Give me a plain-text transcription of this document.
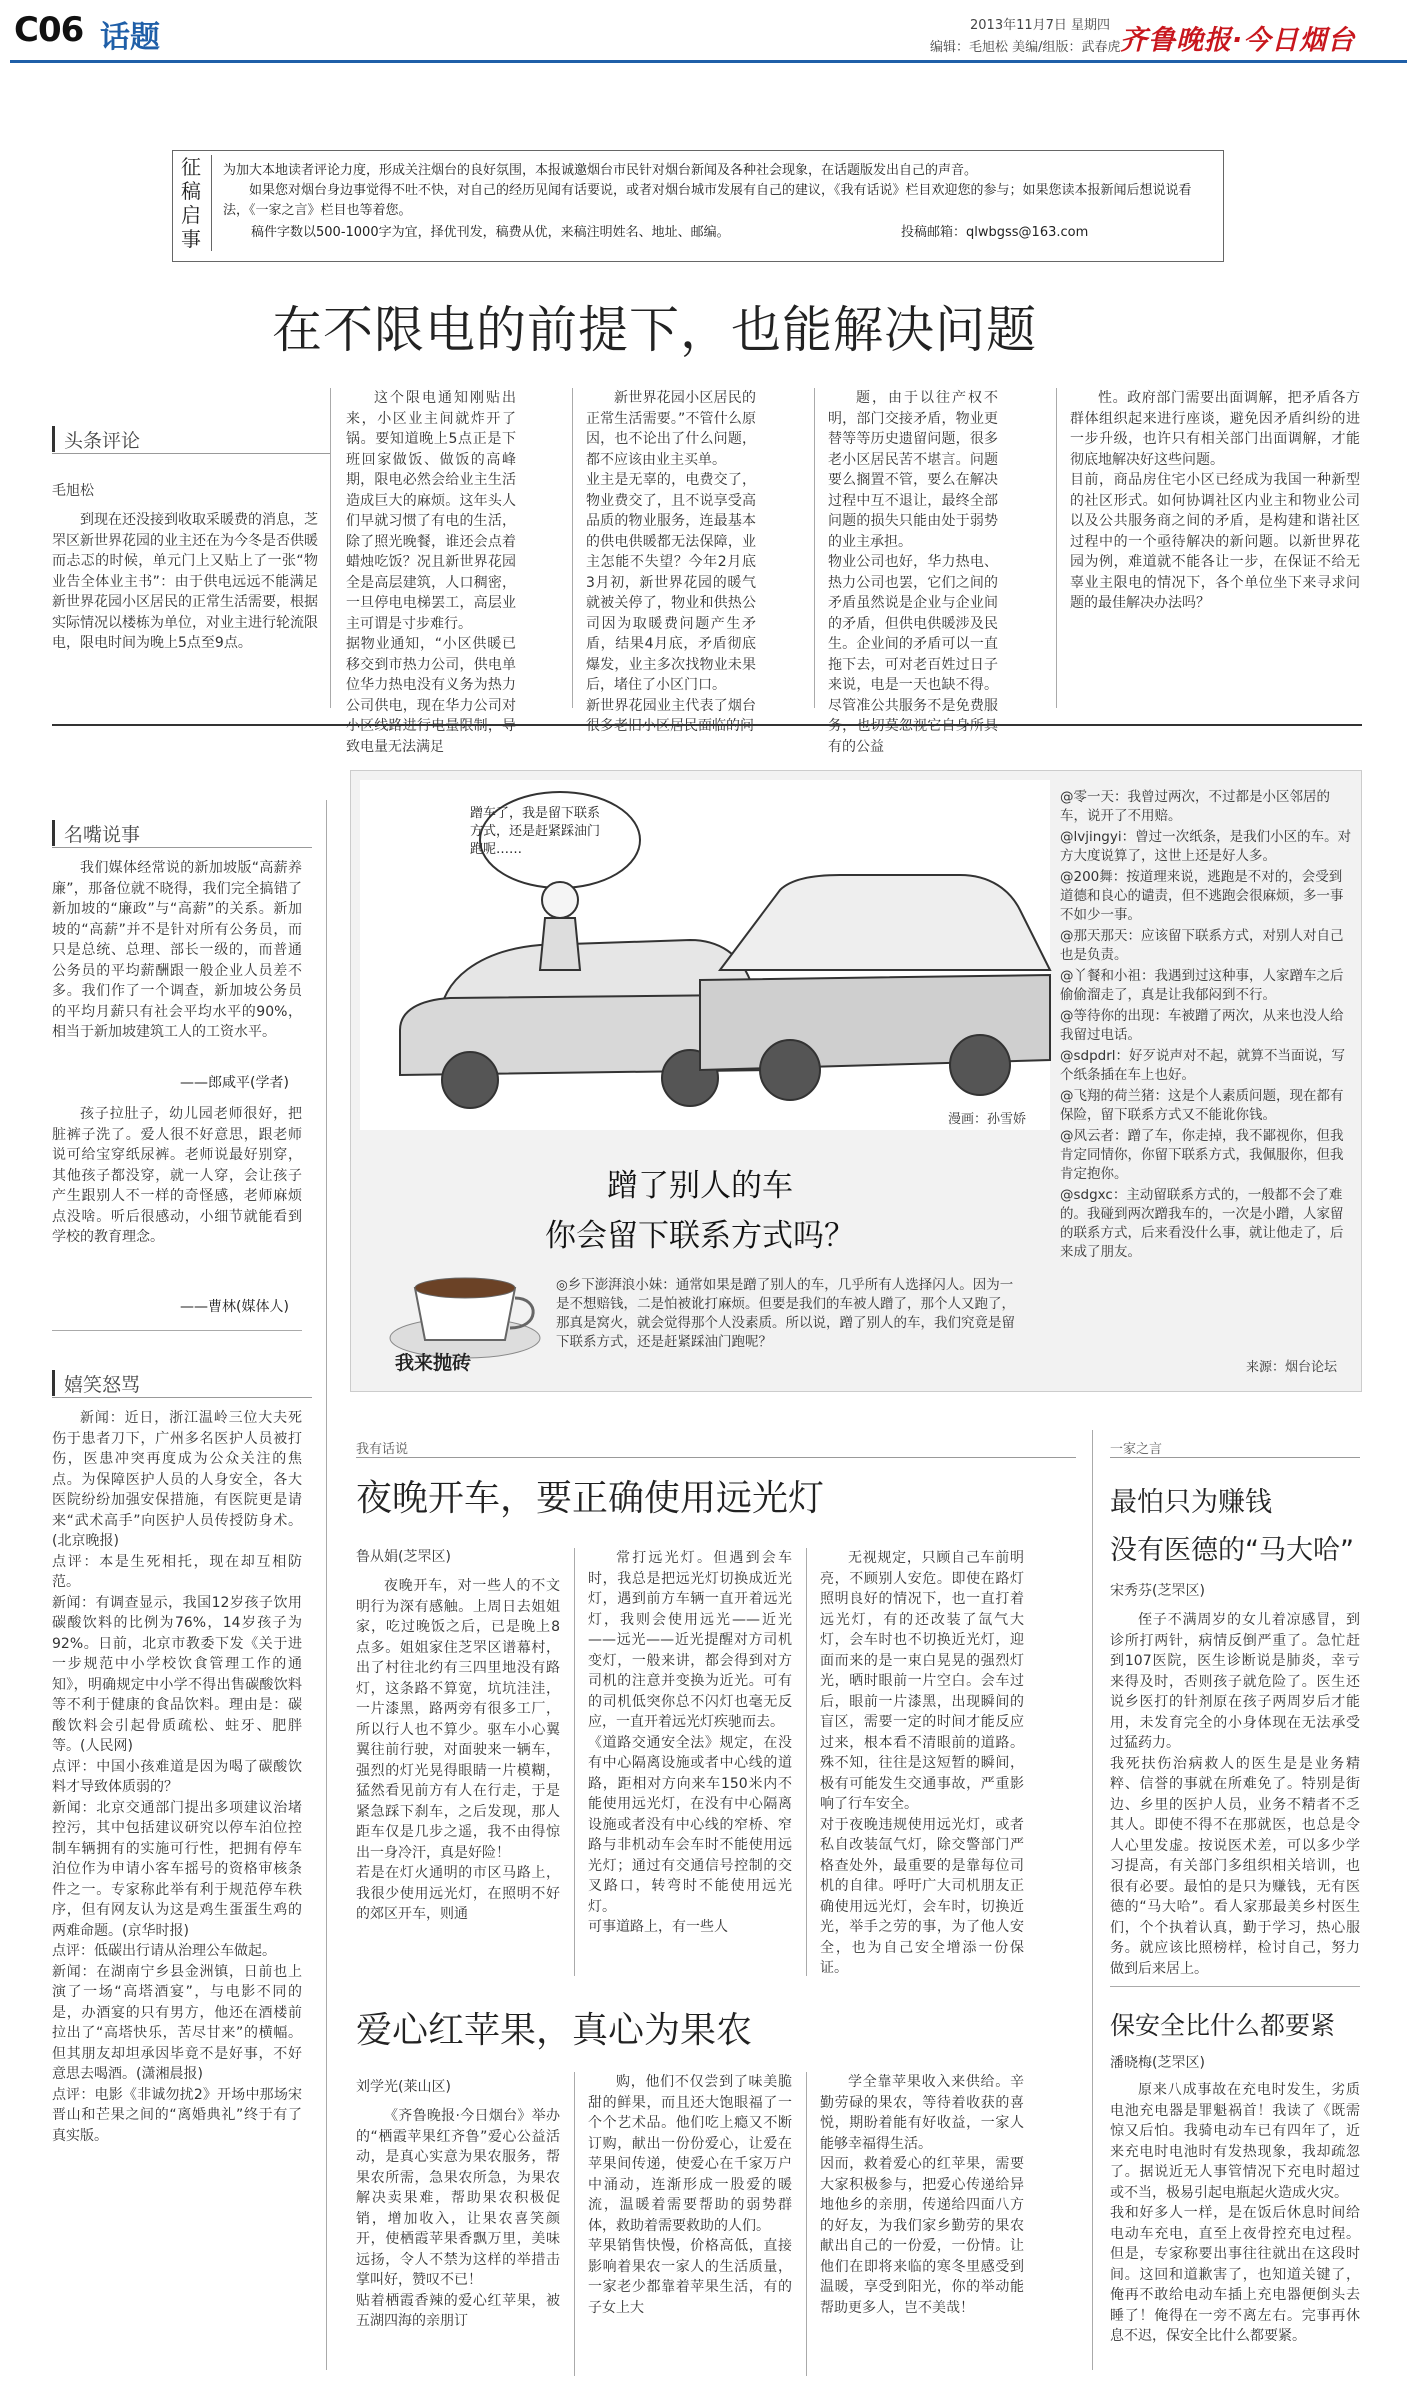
C06 话题	2013年11月7日 星期四
编辑：毛旭松 美编/组版：武春虎 齐鲁晚报·今日烟台
征稿启事
为加大本地读者评论力度，形成关注烟台的良好氛围，本报诚邀烟台市民针对烟台新闻及各种社会现象，在话题版发出自己的声音。
如果您对烟台身边事觉得不吐不快，对自己的经历见闻有话要说，或者对烟台城市发展有自己的建议，《我有话说》栏目欢迎您的参与；如果您读本报新闻后想说说看法，《一家之言》栏目也等着您。
稿件字数以500-1000字为宜，择优刊发，稿费从优，来稿注明姓名、地址、邮编。	投稿邮箱：qlwbgss@163.com
在不限电的前提下，也能解决问题
头条评论
毛旭松

到现在还没接到收取采暖费的消息，芝罘区新世界花园的业主还在为今冬是否供暖而忐忑的时候，单元门上又贴上了一张“物业告全体业主书”：由于供电远远不能满足新世界花园小区居民的正常生活需要，根据实际情况以楼栋为单位，对业主进行轮流限电，限电时间为晚上5点至9点。

这个限电通知刚贴出来，小区业主间就炸开了锅。要知道晚上5点正是下班回家做饭、做饭的高峰期，限电必然会给业主生活造成巨大的麻烦。这年头人们早就习惯了有电的生活，除了照光晚餐，谁还会点着蜡烛吃饭？况且新世界花园全是高层建筑，人口稠密，一旦停电电梯罢工，高层业主可谓是寸步难行。
据物业通知，“小区供暖已移交到市热力公司，供电单位华力热电没有义务为热力公司供电，现在华力公司对小区线路进行电量限制，导致电量无法满足

新世界花园小区居民的正常生活需要。”不管什么原因，也不论出了什么问题，都不应该由业主买单。
业主是无辜的，电费交了，物业费交了，且不说享受高品质的物业服务，连最基本的供电供暖都无法保障，业主怎能不失望？今年2月底3月初，新世界花园的暖气就被关停了，物业和供热公司因为取暖费问题产生矛盾，结果4月底，矛盾彻底爆发，业主多次找物业未果后，堵住了小区门口。
新世界花园业主代表了烟台很多老旧小区居民面临的问

题，由于以往产权不明，部门交接矛盾，物业更替等等历史遗留问题，很多老小区居民苦不堪言。问题要么搁置不管，要么在解决过程中互不退让，最终全部问题的损失只能由处于弱势的业主承担。
物业公司也好，华力热电、热力公司也罢，它们之间的矛盾虽然说是企业与企业间的矛盾，但供电供暖涉及民生。企业间的矛盾可以一直拖下去，可对老百姓过日子来说，电是一天也缺不得。尽管准公共服务不是免费服务，也切莫忽视它自身所具有的公益

性。政府部门需要出面调解，把矛盾各方群体组织起来进行座谈，避免因矛盾纠纷的进一步升级，也许只有相关部门出面调解，才能彻底地解决好这些问题。
目前，商品房住宅小区已经成为我国一种新型的社区形式。如何协调社区内业主和物业公司以及公共服务商之间的矛盾，是构建和谐社区过程中的一个亟待解决的新问题。以新世界花园为例，难道就不能各让一步，在保证不给无辜业主限电的情况下，各个单位坐下来寻求问题的最佳解决办法吗？

名嘴说事

我们媒体经常说的新加坡版“高薪养廉”，那备位就不晓得，我们完全搞错了新加坡的“廉政”与“高薪”的关系。新加坡的“高薪”并不是针对所有公务员，而只是总统、总理、部长一级的，而普通公务员的平均薪酬跟一般企业人员差不多。我们作了一个调查，新加坡公务员的平均月薪只有社会平均水平的90%，相当于新加坡建筑工人的工资水平。

——郎咸平(学者)

孩子拉肚子，幼儿园老师很好，把脏裤子洗了。爱人很不好意思，跟老师说可给宝穿纸尿裤。老师说最好别穿，其他孩子都没穿，就一人穿，会让孩子产生跟别人不一样的奇怪感，老师麻烦点没啥。听后很感动，小细节就能看到学校的教育理念。

——曹林(媒体人)
嬉笑怒骂

新闻：近日，浙江温岭三位大夫死伤于患者刀下，广州多名医护人员被打伤，医患冲突再度成为公众关注的焦点。为保障医护人员的人身安全，各大医院纷纷加强安保措施，有医院更是请来“武术高手”向医护人员传授防身术。(北京晚报)
点评：本是生死相托，现在却互相防范。
新闻：有调查显示，我国12岁孩子饮用碳酸饮料的比例为76%，14岁孩子为92%。日前，北京市教委下发《关于进一步规范中小学校饮食管理工作的通知》，明确规定中小学不得出售碳酸饮料等不利于健康的食品饮料。理由是：碳酸饮料会引起骨质疏松、蛀牙、肥胖等。(人民网)
点评：中国小孩难道是因为喝了碳酸饮料才导致体质弱的？
新闻：北京交通部门提出多项建议治堵控污，其中包括建议研究以停车泊位控制车辆拥有的实施可行性，把拥有停车泊位作为申请小客车摇号的资格审核条件之一。专家称此举有利于规范停车秩序，但有网友认为这是鸡生蛋蛋生鸡的两难命题。(京华时报)
点评：低碳出行请从治理公车做起。
新闻：在湖南宁乡县金洲镇，日前也上演了一场“高塔酒宴”，与电影不同的是，办酒宴的只有男方，他还在酒楼前拉出了“高塔快乐，苦尽甘来”的横幅。但其朋友却坦承因毕竟不是好事，不好意思去喝酒。(潇湘晨报)
点评：电影《非诚勿扰2》开场中那场宋晋山和芒果之间的“离婚典礼”终于有了真实版。

蹭车了，我是留下联系方式，还是赶紧踩油门跑呢……
漫画：孙雪娇
蹭了别人的车
你会留下联系方式吗？
我来抛砖
◎乡下澎湃浪小妹：通常如果是蹭了别人的车，几乎所有人选择闪人。因为一是不想赔钱，二是怕被讹打麻烦。但要是我们的车被人蹭了，那个人又跑了，那真是窝火，就会觉得那个人没素质。所以说，蹭了别人的车，我们究竟是留下联系方式，还是赶紧踩油门跑呢？

@零一天：我曾过两次，不过都是小区邻居的车，说开了不用赔。

@lvjingyi：曾过一次纸条，是我们小区的车。对方大度说算了，这世上还是好人多。

@200舞：按道理来说，逃跑是不对的，会受到道德和良心的谴责，但不逃跑会很麻烦，多一事不如少一事。

@那天那天：应该留下联系方式，对别人对自己也是负责。

@丫餐和小祖：我遇到过这种事，人家蹭车之后偷偷溜走了，真是让我郁闷到不行。

@等待你的出现：车被蹭了两次，从来也没人给我留过电话。

@sdpdrl：好歹说声对不起，就算不当面说，写个纸条插在车上也好。

@飞翔的荷兰猪：这是个人素质问题，现在都有保险，留下联系方式又不能讹你钱。

@风云者：蹭了车，你走掉，我不鄙视你，但我肯定同情你，你留下联系方式，我佩服你，但我肯定抱你。

@sdgxc：主动留联系方式的，一般都不会了难的。我碰到两次蹭我车的，一次是小蹭，人家留的联系方式，后来看没什么事，就让他走了，后来成了朋友。

来源：烟台论坛
我有话说
夜晚开车，要正确使用远光灯
鲁从娟(芝罘区)

夜晚开车，对一些人的不文明行为深有感触。上周日去姐姐家，吃过晚饭之后，已是晚上8点多。姐姐家住芝罘区谱幕村，出了村往北约有三四里地没有路灯，这条路不算宽，坑坑洼洼，一片漆黑，路两旁有很多工厂，所以行人也不算少。驱车小心翼翼往前行驶，对面驶来一辆车，强烈的灯光晃得眼睛一片模糊，猛然看见前方有人在行走，于是紧急踩下刹车，之后发现，那人距车仅是几步之遥，我不由得惊出一身冷汗，真是好险！
若是在灯火通明的市区马路上，我很少使用远光灯，在照明不好的郊区开车，则通

常打远光灯。但遇到会车时，我总是把远光灯切换成近光灯，遇到前方车辆一直开着远光灯，我则会使用远光——近光——远光——近光提醒对方司机变灯，一般来讲，都会得到对方司机的注意并变换为近光。可有的司机低突你总不闪灯也毫无反应，一直开着远光灯疾驰而去。
《道路交通安全法》规定，在没有中心隔离设施或者中心线的道路，距相对方向来车150米内不能使用远光灯，在没有中心隔离设施或者没有中心线的窄桥、窄路与非机动车会车时不能使用远光灯；通过有交通信号控制的交叉路口，转弯时不能使用远光灯。
可事道路上，有一些人

无视规定，只顾自己车前明亮，不顾别人安危。即使在路灯照明良好的情况下，也一直打着远光灯，有的还改装了氙气大灯，会车时也不切换近光灯，迎面而来的是一束白晃晃的强烈灯光，晒时眼前一片空白。会车过后，眼前一片漆黑，出现瞬间的盲区，需要一定的时间才能反应过来，根本看不清眼前的道路。殊不知，往往是这短暂的瞬间，极有可能发生交通事故，严重影响了行车安全。
对于夜晚违规使用远光灯，或者私自改装氙气灯，除交警部门严格查处外，最重要的是靠每位司机的自律。呼吁广大司机朋友正确使用远光灯，会车时，切换近光，举手之劳的事，为了他人安全，也为自己安全增添一份保证。

爱心红苹果，真心为果农
刘学光(莱山区)

《齐鲁晚报·今日烟台》举办的“栖霞苹果红齐鲁”爱心公益活动，是真心实意为果农服务，帮果农所需，急果农所急，为果农解决卖果难，帮助果农积极促销，增加收入，让果农喜笑颜开，使栖霞苹果香飘万里，美味远扬，令人不禁为这样的举措击掌叫好，赞叹不已！
贴着栖霞香辣的爱心红苹果，被五湖四海的亲朋订

购，他们不仅尝到了味美脆甜的鲜果，而且还大饱眼福了一个个艺术品。他们吃上瘾又不断订购，献出一份份爱心，让爱在苹果间传递，使爱心在千家万户中涌动，连渐形成一股爱的暖流，温暖着需要帮助的弱势群体，救助着需要救助的人们。
苹果销售快慢，价格高低，直接影响着果农一家人的生活质量，一家老少都靠着苹果生活，有的子女上大

学全靠苹果收入来供给。辛勤劳碌的果农，等待着收获的喜悦，期盼着能有好收益，一家人能够幸福得生活。
因而，救着爱心的红苹果，需要大家积极参与，把爱心传递给异地他乡的亲朋，传递给四面八方的好友，为我们家乡勤劳的果农献出自己的一份爱，一份情。让他们在即将来临的寒冬里感受到温暖，享受到阳光，你的举动能帮助更多人，岂不美哉！

一家之言
最怕只为赚钱
没有医德的“马大哈”
宋秀芬(芝罘区)

侄子不满周岁的女儿着凉感冒，到诊所打两针，病情反倒严重了。急忙赶到107医院，医生诊断说是肺炎，幸亏来得及时，否则孩子就危险了。医生还说乡医打的针剂原在孩子两周岁后才能用，未发育完全的小身体现在无法承受过猛药力。
我死扶伤治病救人的医生是是业务精粹、信誉的事就在所难免了。特别是街边、乡里的医护人员，业务不精者不乏其人。即使不得不在那就医，也总是令人心里发虚。按说医术差，可以多少学习提高，有关部门多组织相关培训，也很有必要。最怕的是只为赚钱，无有医德的“马大哈”。看人家那最美乡村医生们，个个执着认真，勤于学习，热心服务。就应该比照榜样，检讨自己，努力做到后来居上。

保安全比什么都要紧
潘晓梅(芝罘区)

原来八成事故在充电时发生，劣质电池充电器是罪魁祸首！我读了《既需惊又后怕。我骑电动车已有四年了，近来充电时电池时有发热现象，我却疏忽了。据说近无人事管情况下充电时超过或不当，极易引起电瓶起火造成火灾。
我和好多人一样，是在饭后休息时间给电动车充电，直至上夜骨控充电过程。但是，专家称要出事往往就出在这段时间。这回和道歉害了，也知道关键了，俺再不敢给电动车插上充电器便倒头去睡了！俺得在一旁不离左右。完事再休息不迟，保安全比什么都要紧。
